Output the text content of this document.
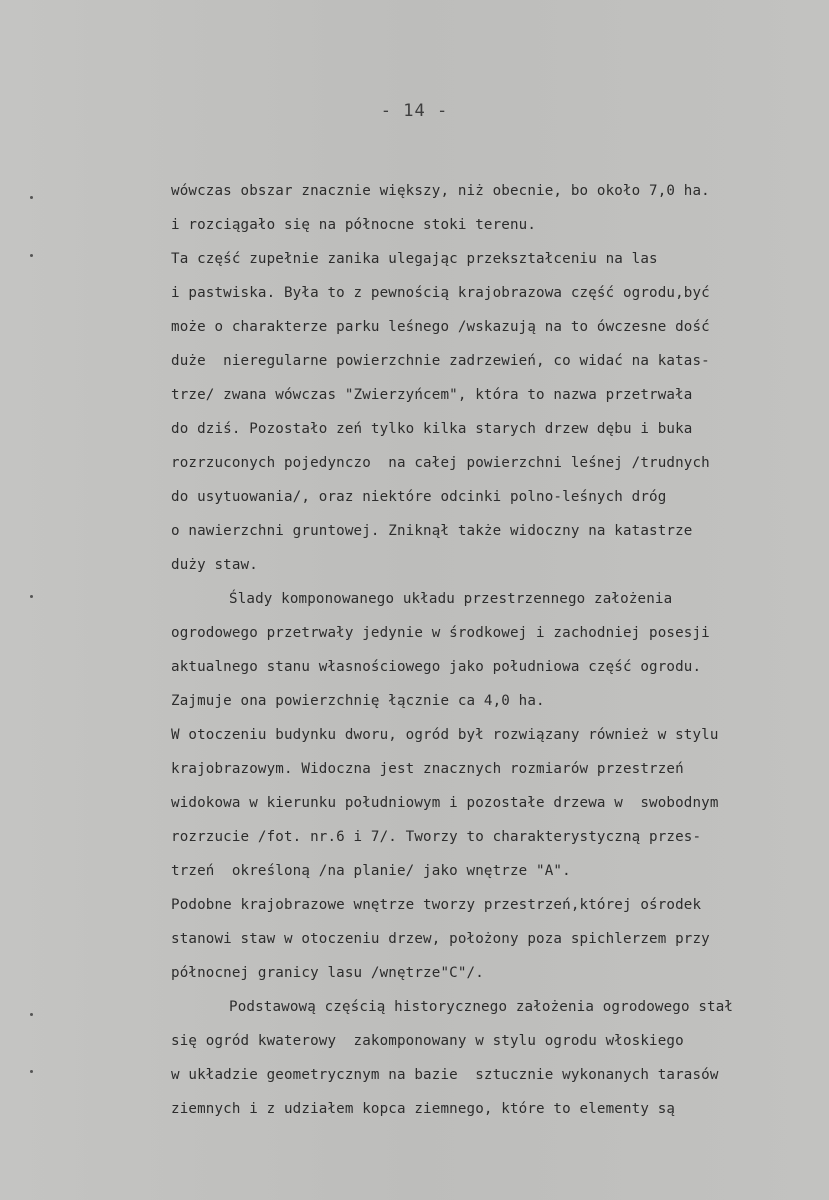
- 14 -
wówczas obszar znacznie większy, niż obecnie, bo około 7,0 ha.
i rozciągało się na północne stoki terenu.
Ta część zupełnie zanika ulegając przekształceniu na las
i pastwiska. Była to z pewnością krajobrazowa część ogrodu,być
może o charakterze parku leśnego /wskazują na to ówczesne dość
duże  nieregularne powierzchnie zadrzewień, co widać na katas-
trze/ zwana wówczas "Zwierzyńcem", która to nazwa przetrwała
do dziś. Pozostało zeń tylko kilka starych drzew dębu i buka
rozrzuconych pojedynczo  na całej powierzchni leśnej /trudnych
do usytuowania/, oraz niektóre odcinki polno-leśnych dróg
o nawierzchni gruntowej. Zniknął także widoczny na katastrze
duży staw.
Ślady komponowanego układu przestrzennego założenia
ogrodowego przetrwały jedynie w środkowej i zachodniej posesji
aktualnego stanu własnościowego jako południowa część ogrodu.
Zajmuje ona powierzchnię łącznie ca 4,0 ha.
W otoczeniu budynku dworu, ogród był rozwiązany również w stylu
krajobrazowym. Widoczna jest znacznych rozmiarów przestrzeń
widokowa w kierunku południowym i pozostałe drzewa w  swobodnym
rozrzucie /fot. nr.6 i 7/. Tworzy to charakterystyczną przes-
trzeń  określoną /na planie/ jako wnętrze "A".
Podobne krajobrazowe wnętrze tworzy przestrzeń,której ośrodek
stanowi staw w otoczeniu drzew, położony poza spichlerzem przy
północnej granicy lasu /wnętrze"C"/.
Podstawową częścią historycznego założenia ogrodowego stał
się ogród kwaterowy  zakomponowany w stylu ogrodu włoskiego
w układzie geometrycznym na bazie  sztucznie wykonanych tarasów
ziemnych i z udziałem kopca ziemnego, które to elementy są
